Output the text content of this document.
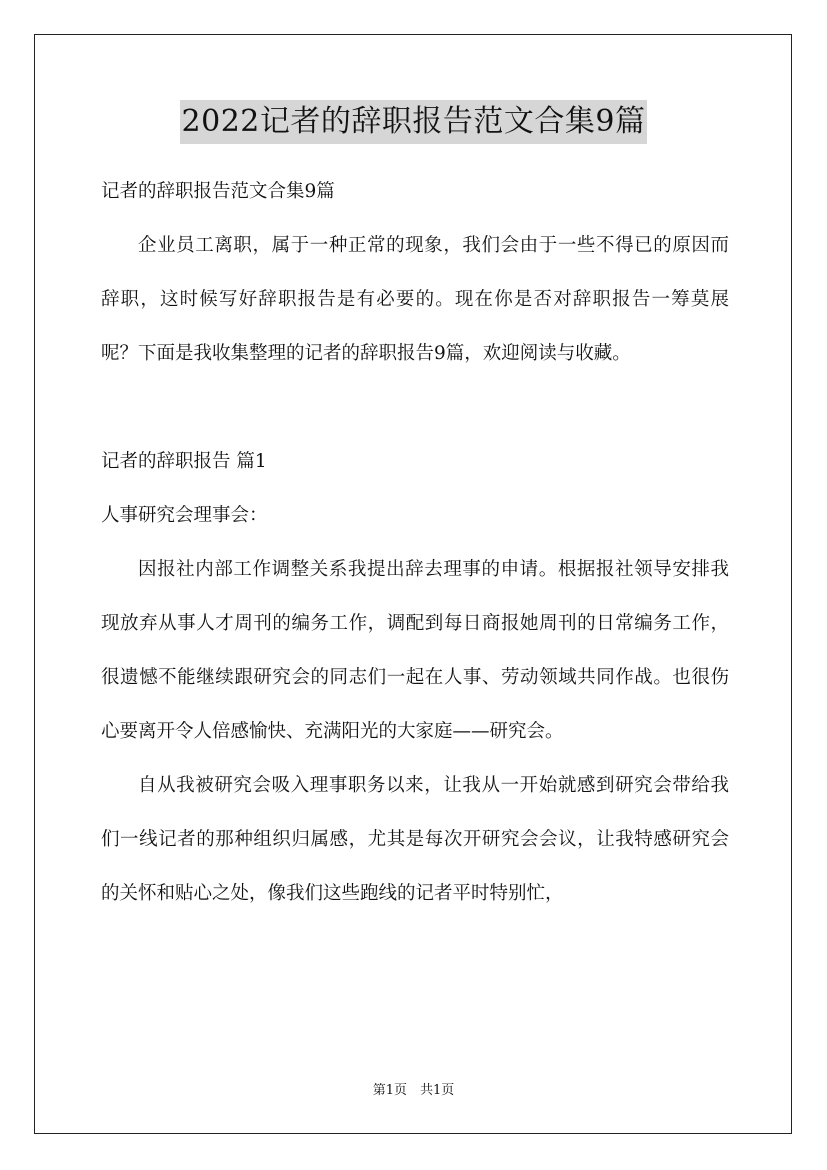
2022记者的辞职报告范文合集9篇
记者的辞职报告范文合集9篇

企业员工离职，属于一种正常的现象，我们会由于一些不得已的原因而辞职，这时候写好辞职报告是有必要的。现在你是否对辞职报告一筹莫展呢？下面是我收集整理的记者的辞职报告9篇，欢迎阅读与收藏。

记者的辞职报告 篇1
人事研究会理事会：

因报社内部工作调整关系我提出辞去理事的申请。根据报社领导安排我现放弃从事人才周刊的编务工作，调配到每日商报她周刊的日常编务工作，很遗憾不能继续跟研究会的同志们一起在人事、劳动领域共同作战。也很伤心要离开令人倍感愉快、充满阳光的大家庭——研究会。

自从我被研究会吸入理事职务以来，让我从一开始就感到研究会带给我们一线记者的那种组织归属感，尤其是每次开研究会会议，让我特感研究会的关怀和贴心之处，像我们这些跑线的记者平时特别忙，

第1页　共1页
